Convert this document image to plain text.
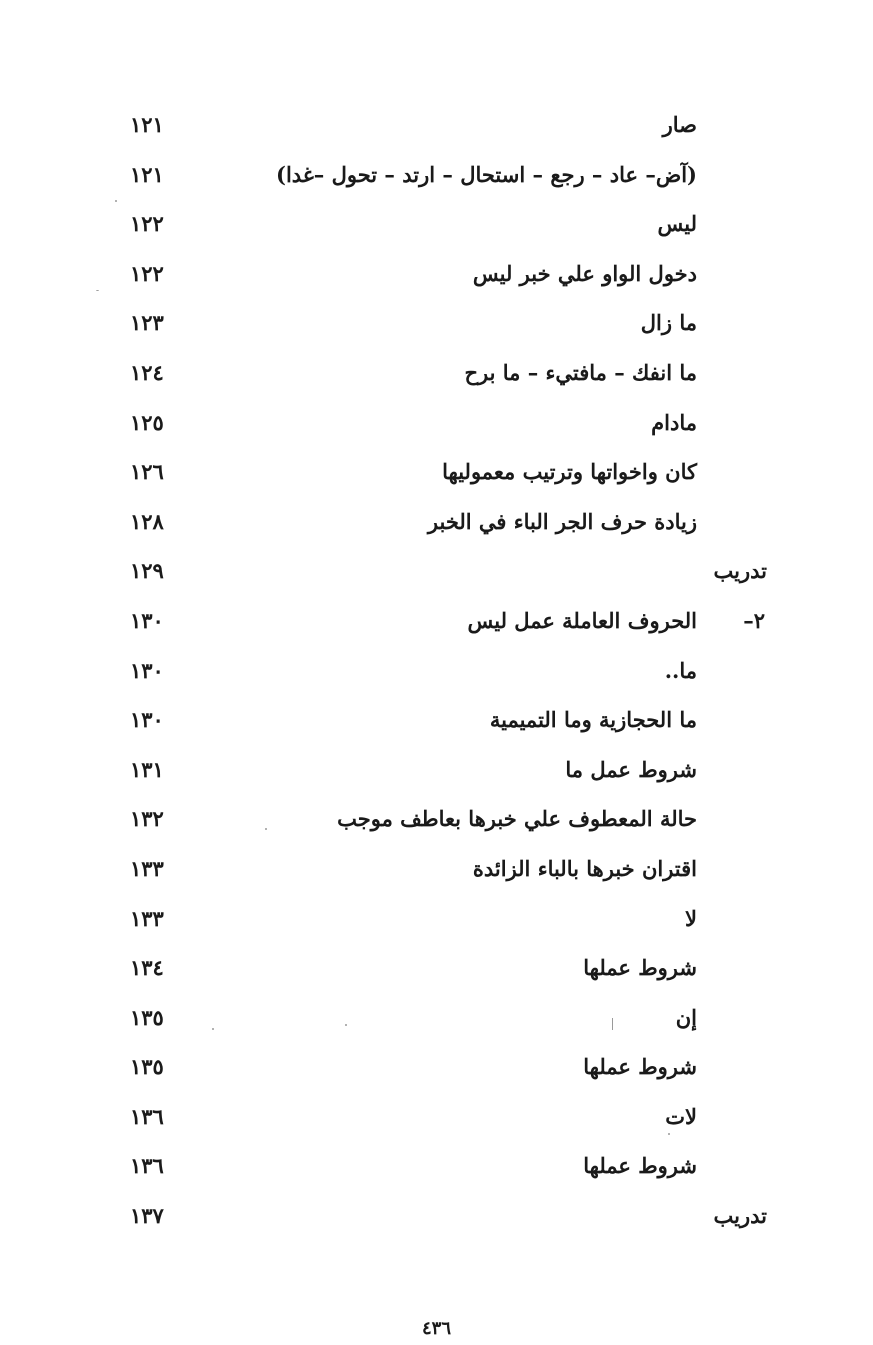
صار
١٢١
(آض– عاد – رجع – استحال – ارتد – تحول –غدا)
١٢١
ليس
١٢٢
دخول الواو علي خبر ليس
١٢٢
ما زال
١٢٣
ما انفك – مافتيء – ما برح
١٢٤
مادام
١٢٥
كان واخواتها وترتيب معموليها
١٢٦
زيادة حرف الجر الباء في الخبر
١٢٨
تدريب
١٢٩
٢–
الحروف العاملة عمل ليس
١٣٠
ما..
١٣٠
ما الحجازية وما التميمية
١٣٠
شروط عمل ما
١٣١
حالة المعطوف علي خبرها بعاطف موجب
١٣٢
اقتران خبرها بالباء الزائدة
١٣٣
لا
١٣٣
شروط عملها
١٣٤
إن
١٣٥
شروط عملها
١٣٥
لات
١٣٦
شروط عملها
١٣٦
تدريب
١٣٧
٤٣٦
